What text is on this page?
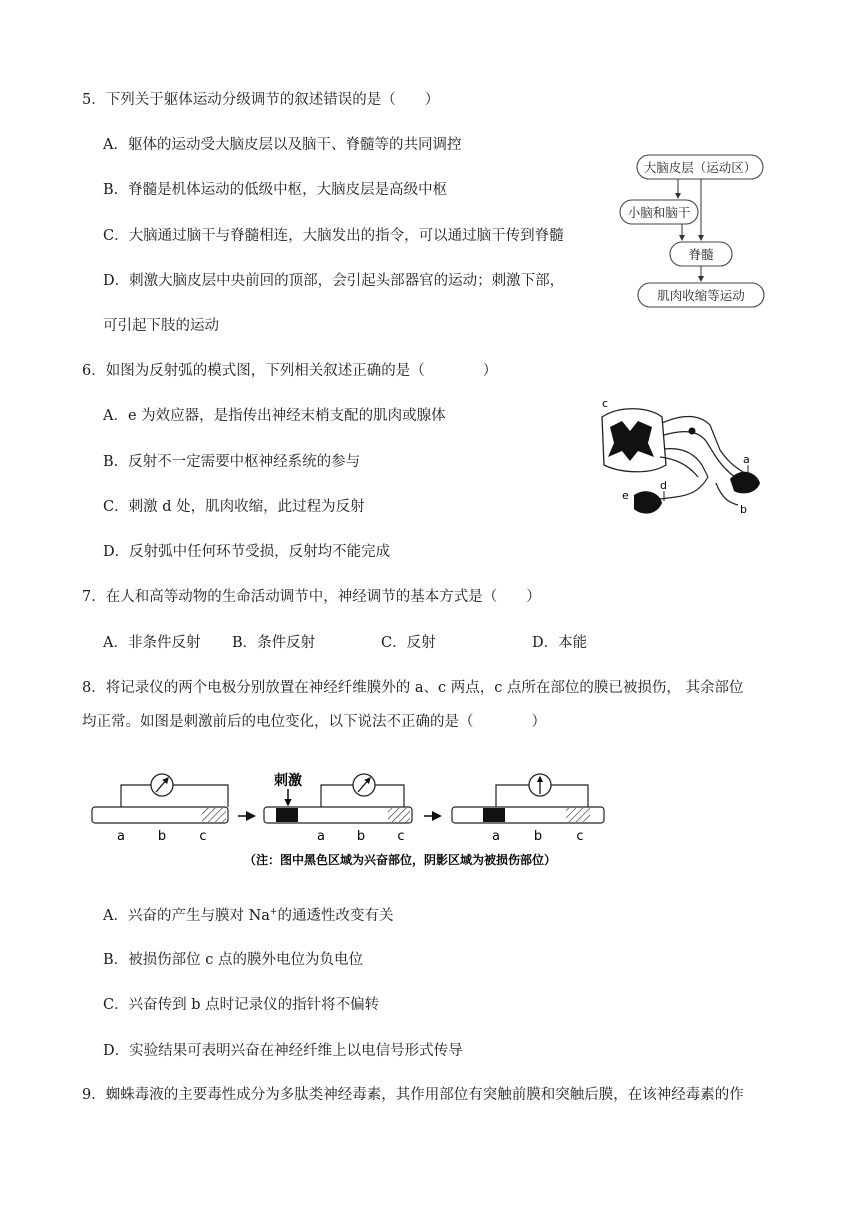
5．下列关于躯体运动分级调节的叙述错误的是（　　）
A．躯体的运动受大脑皮层以及脑干、脊髓等的共同调控
B．脊髓是机体运动的低级中枢，大脑皮层是高级中枢
C．大脑通过脑干与脊髓相连，大脑发出的指令，可以通过脑干传到脊髓
D．刺激大脑皮层中央前回的顶部，会引起头部器官的运动；刺激下部，
可引起下肢的运动
大脑皮层（运动区）
小脑和脑干
脊髓
肌肉收缩等运动
6．如图为反射弧的模式图，下列相关叙述正确的是（　　　　）
A．e 为效应器，是指传出神经末梢支配的肌肉或腺体
B．反射不一定需要中枢神经系统的参与
C．刺激 d 处，肌肉收缩，此过程为反射
D．反射弧中任何环节受损，反射均不能完成
c
a
b
d
e
7．在人和高等动物的生命活动调节中，神经调节的基本方式是（　　）
A．非条件反射 B．条件反射	C．反射	D．本能
8．将记录仪的两个电极分别放置在神经纤维膜外的 a、c 两点，c 点所在部位的膜已被损伤， 其余部位
均正常。如图是刺激前后的电位变化，以下说法不正确的是（　　　　）
a	b	c
刺激
a b c	a	b	c
（注：图中黑色区域为兴奋部位，阴影区域为被损伤部位）
A．兴奋的产生与膜对 Na+的通透性改变有关
B．被损伤部位 c 点的膜外电位为负电位
C．兴奋传到 b 点时记录仪的指针将不偏转
D．实验结果可表明兴奋在神经纤维上以电信号形式传导
9．蜘蛛毒液的主要毒性成分为多肽类神经毒素，其作用部位有突触前膜和突触后膜，在该神经毒素的作
